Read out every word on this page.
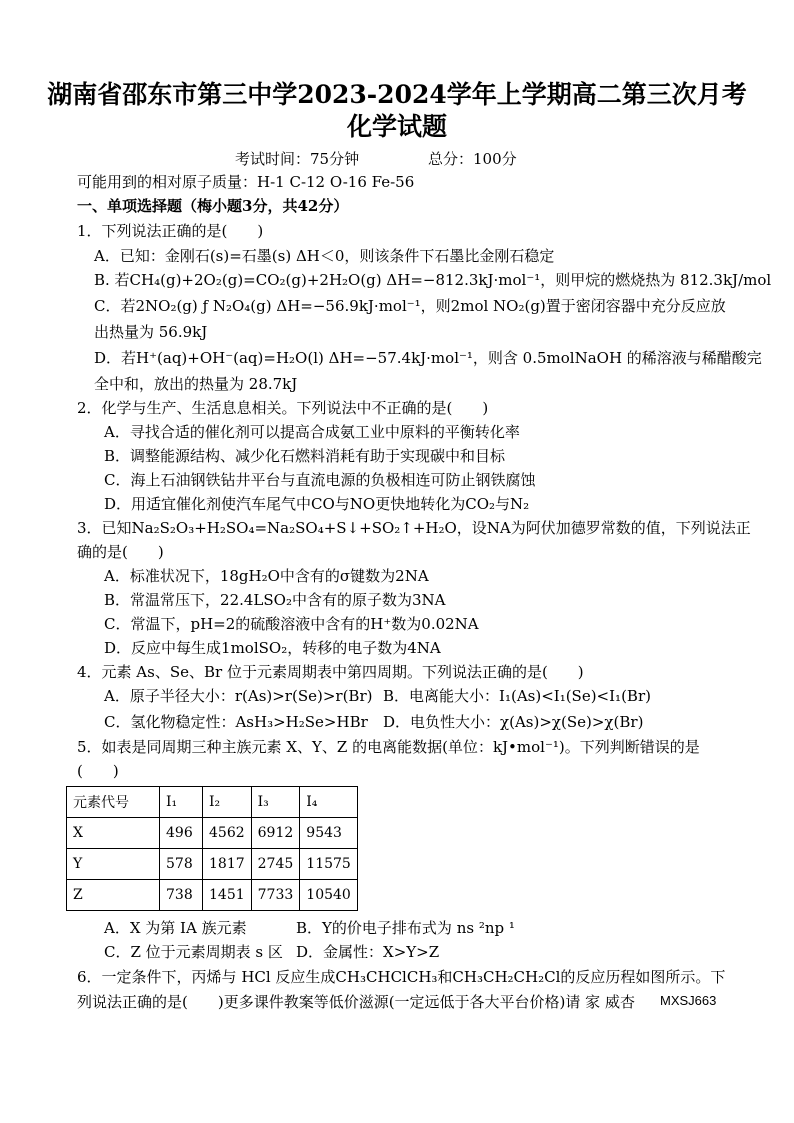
湖南省邵东市第三中学2023-2024学年上学期高二第三次月考
化学试题
考试时间：75分钟	总分：100分
可能用到的相对原子质量：H-1 C-12 O-16 Fe-56
一、单项选择题（梅小题3分，共42分）
1．下列说法正确的是(　　)
A．已知：金刚石(s)=石墨(s) ΔH＜0，则该条件下石墨比金刚石稳定
B. 若CH₄(g)+2O₂(g)=CO₂(g)+2H₂O(g) ΔH=−812.3kJ·mol⁻¹，则甲烷的燃烧热为 812.3kJ/mol
C．若2NO₂(g) ƒ N₂O₄(g) ΔH=−56.9kJ·mol⁻¹，则2mol NO₂(g)置于密闭容器中充分反应放
出热量为 56.9kJ
D．若H⁺(aq)+OH⁻(aq)=H₂O(l) ΔH=−57.4kJ·mol⁻¹，则含 0.5molNaOH 的稀溶液与稀醋酸完
全中和，放出的热量为 28.7kJ
2．化学与生产、生活息息相关。下列说法中不正确的是(　　)
A．寻找合适的催化剂可以提高合成氨工业中原料的平衡转化率
B．调整能源结构、减少化石燃料消耗有助于实现碳中和目标
C．海上石油钢铁钻井平台与直流电源的负极相连可防止钢铁腐蚀
D．用适宜催化剂使汽车尾气中CO与NO更快地转化为CO₂与N₂
3．已知Na₂S₂O₃+H₂SO₄=Na₂SO₄+S↓+SO₂↑+H₂O，设NA为阿伏加德罗常数的值，下列说法正
确的是(　　)
A．标准状况下，18gH₂O中含有的σ键数为2NA
B．常温常压下，22.4LSO₂中含有的原子数为3NA
C．常温下，pH=2的硫酸溶液中含有的H⁺数为0.02NA
D．反应中每生成1molSO₂，转移的电子数为4NA
4．元素 As、Se、Br 位于元素周期表中第四周期。下列说法正确的是(　　)
A．原子半径大小：r(As)>r(Se)>r(Br) B．电离能大小：I₁(As)<I₁(Se)<I₁(Br)
C．氢化物稳定性：AsH₃>H₂Se>HBr D．电负性大小：χ(As)>χ(Se)>χ(Br)
5．如表是同周期三种主族元素 X、Y、Z 的电离能数据(单位：kJ•mol⁻¹)。下列判断错误的是
(　　)
元素代号	I₁	I₂	I₃	I₄
X	496	4562	6912	9543
Y	578	1817	2745	11575
Z	738	1451	7733	10540
A．X 为第 IA 族元素	B．Y的价电子排布式为 ns ²np ¹
C．Z 位于元素周期表 s 区 D．金属性：X>Y>Z
6．一定条件下，丙烯与 HCl 反应生成CH₃CHClCH₃和CH₃CH₂CH₂Cl的反应历程如图所示。下
列说法正确的是(　　)更多课件教案等低价滋源(一定远低于各大平台价格)请 家 威杏 MXSJ663
